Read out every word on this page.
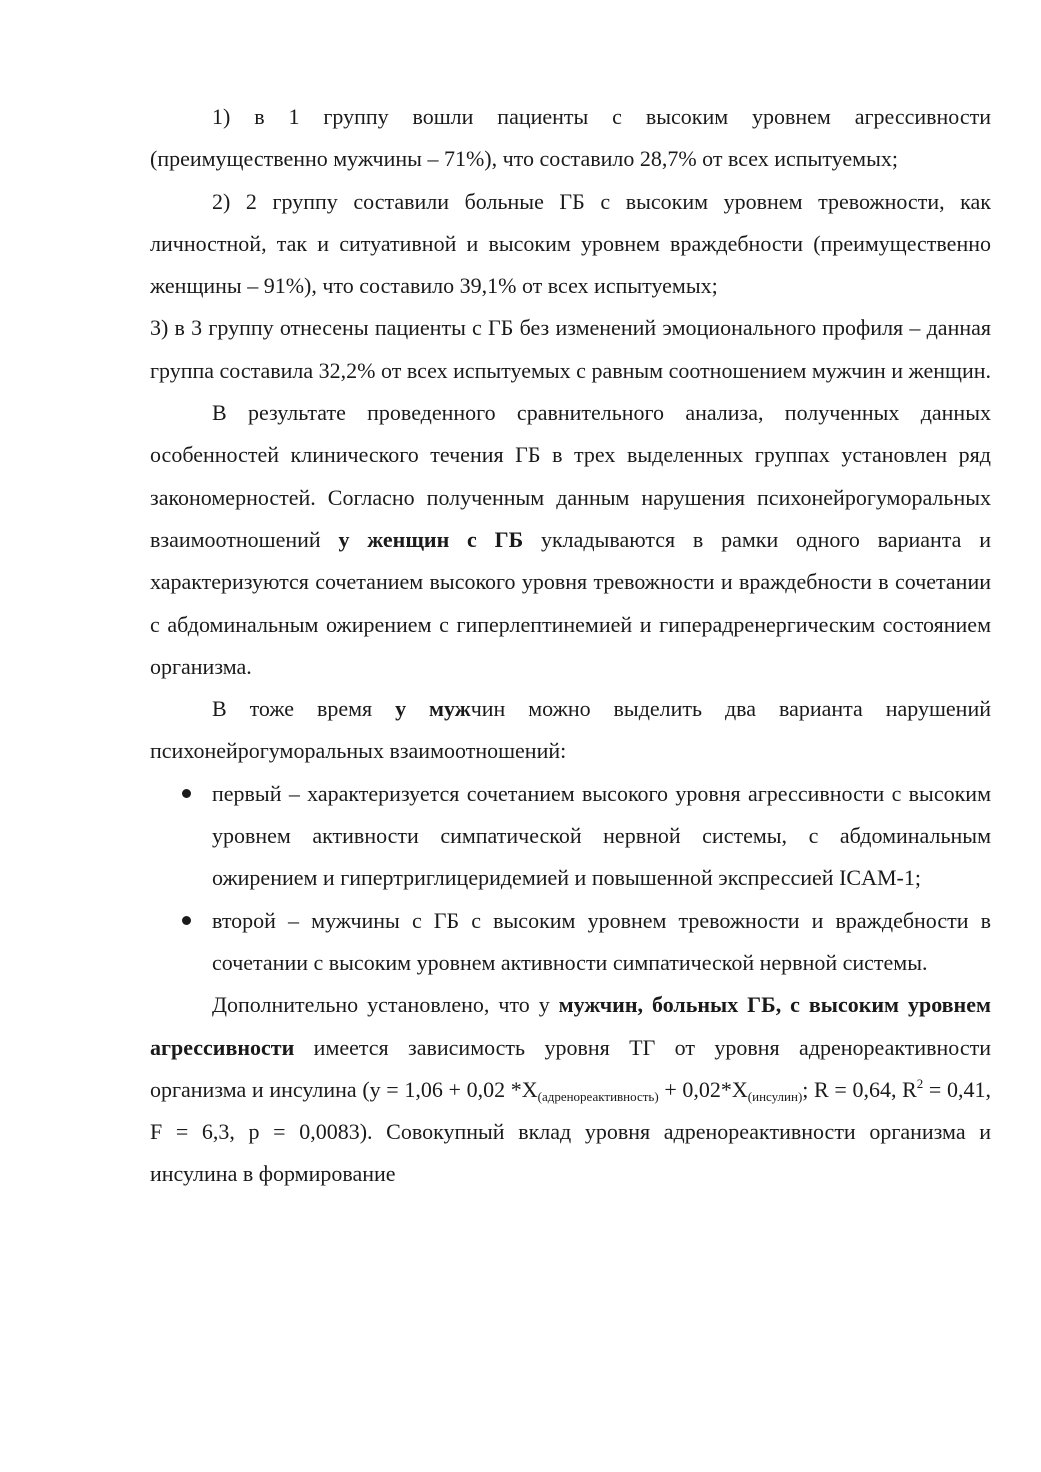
1) в 1 группу вошли пациенты с высоким уровнем агрессивности (преимущественно мужчины – 71%), что составило 28,7% от всех испытуемых;

2) 2 группу составили больные ГБ с высоким уровнем тревожности, как личностной, так и ситуативной и высоким уровнем враждебности (преимущественно женщины – 91%), что составило 39,1% от всех испытуемых;

3) в 3 группу отнесены пациенты с ГБ без изменений эмоционального профиля – данная группа составила 32,2% от всех испытуемых с равным соотношением мужчин и женщин.

В результате проведенного сравнительного анализа, полученных данных особенностей клинического течения ГБ в трех выделенных группах установлен ряд закономерностей. Согласно полученным данным нарушения психонейрогуморальных взаимоотношений у женщин с ГБ укладываются в рамки одного варианта и характеризуются сочетанием высокого уровня тревожности и враждебности в сочетании с абдоминальным ожирением с гиперлептинемией и гиперадренергическим состоянием организма.

В тоже время у мужчин можно выделить два варианта нарушений психонейрогуморальных взаимоотношений:

первый – характеризуется сочетанием высокого уровня агрессивности с высоким уровнем активности симпатической нервной системы, с абдоминальным ожирением и гипертриглицеридемией и повышенной экспрессией ICAM-1;
второй – мужчины с ГБ с высоким уровнем тревожности и враждебности в сочетании с высоким уровнем активности симпатической нервной системы.

Дополнительно установлено, что у мужчин, больных ГБ, с высоким уровнем агрессивности имеется зависимость уровня ТГ от уровня адренореактивности организма и инсулина (y = 1,06 + 0,02 $*X_{(адренореактивность)} + 0,02*X_{(инсулин)}$; R = 0,64, $R^2 = 0,41$, F = 6,3, p = 0,0083). Совокупный вклад уровня адренореактивности организма и инсулина в формирование
